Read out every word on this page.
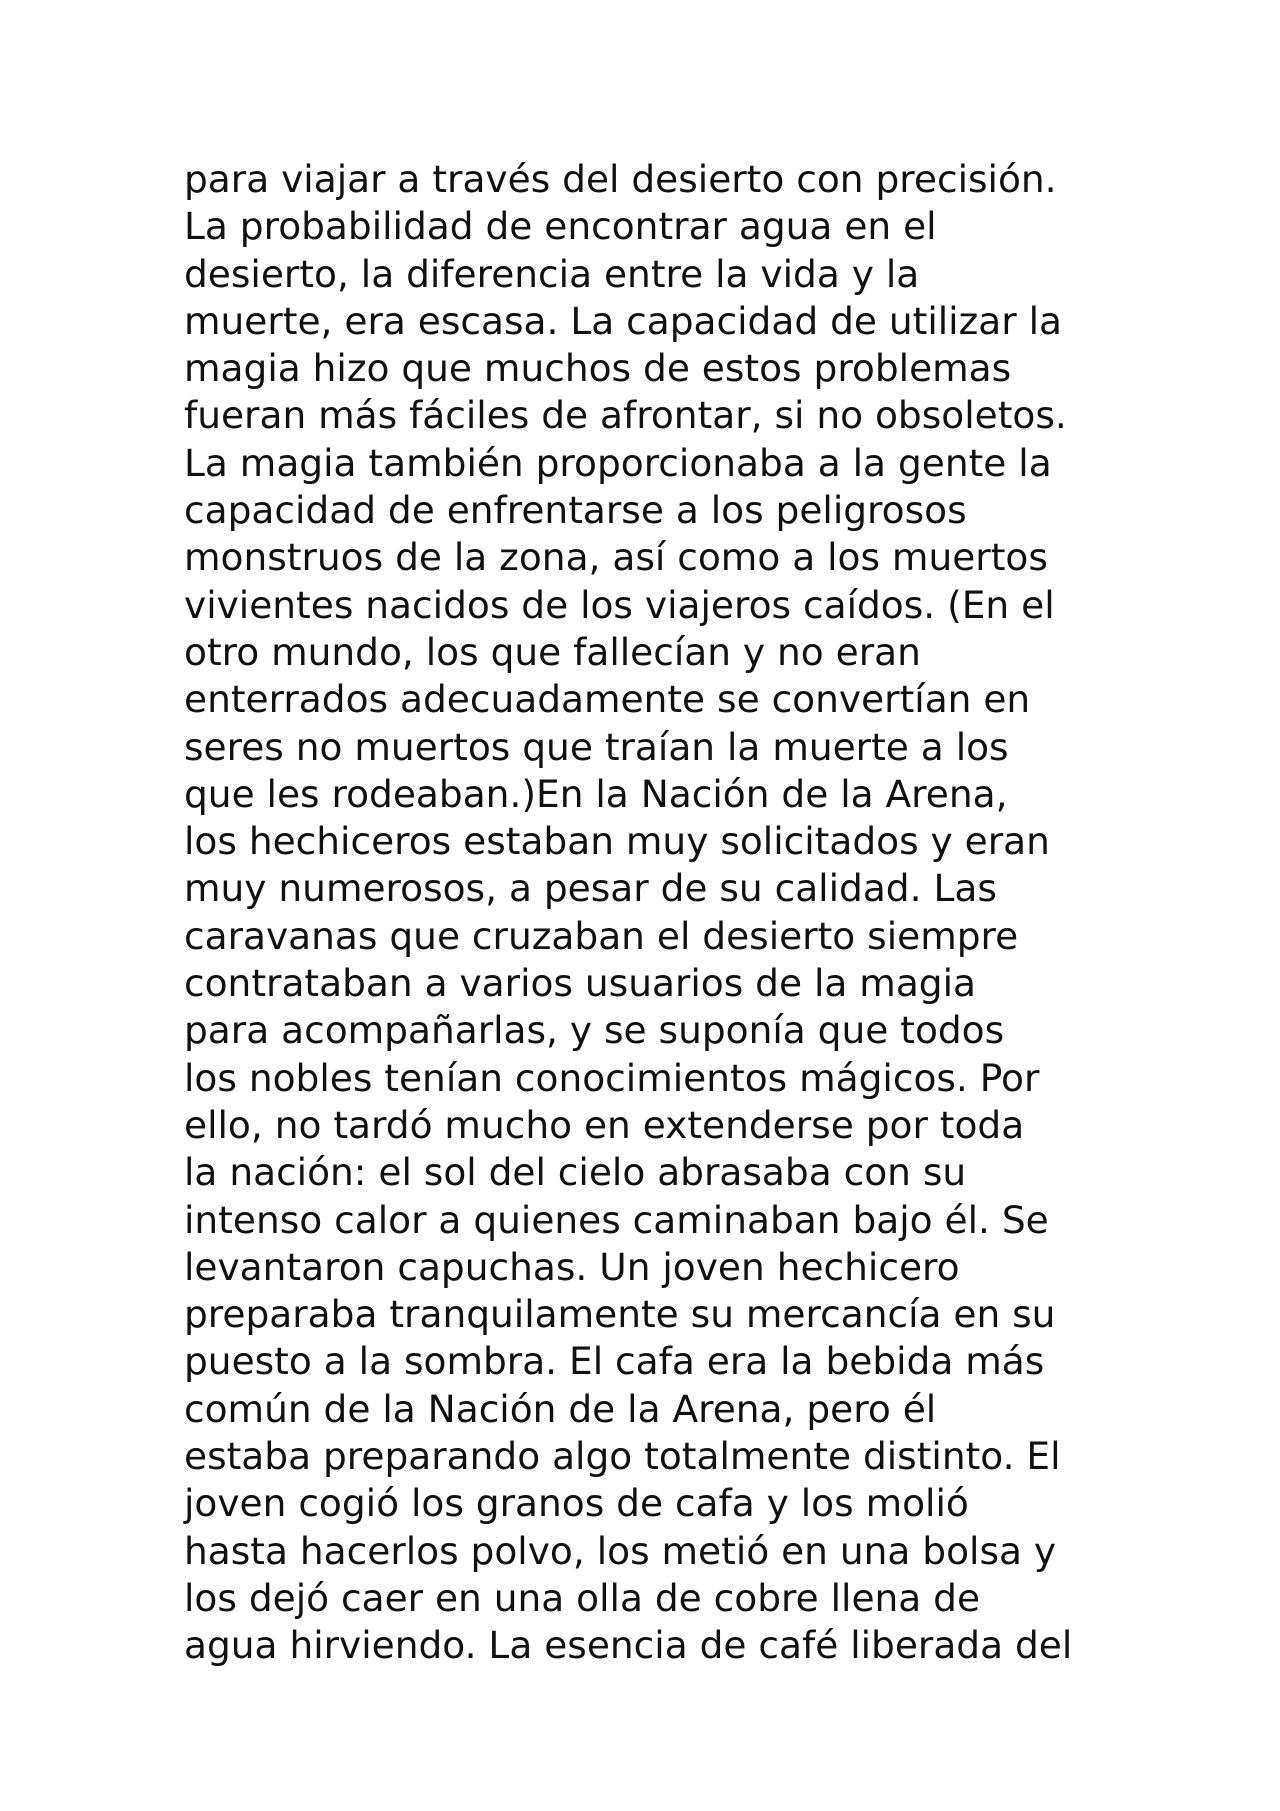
para viajar a través del desierto con precisión.
La probabilidad de encontrar agua en el
desierto, la diferencia entre la vida y la
muerte, era escasa. La capacidad de utilizar la
magia hizo que muchos de estos problemas
fueran más fáciles de afrontar, si no obsoletos.
La magia también proporcionaba a la gente la
capacidad de enfrentarse a los peligrosos
monstruos de la zona, así como a los muertos
vivientes nacidos de los viajeros caídos. (En el
otro mundo, los que fallecían y no eran
enterrados adecuadamente se convertían en
seres no muertos que traían la muerte a los
que les rodeaban.)En la Nación de la Arena,
los hechiceros estaban muy solicitados y eran
muy numerosos, a pesar de su calidad. Las
caravanas que cruzaban el desierto siempre
contrataban a varios usuarios de la magia
para acompañarlas, y se suponía que todos
los nobles tenían conocimientos mágicos. Por
ello, no tardó mucho en extenderse por toda
la nación: el sol del cielo abrasaba con su
intenso calor a quienes caminaban bajo él. Se
levantaron capuchas. Un joven hechicero
preparaba tranquilamente su mercancía en su
puesto a la sombra. El cafa era la bebida más
común de la Nación de la Arena, pero él
estaba preparando algo totalmente distinto. El
joven cogió los granos de cafa y los molió
hasta hacerlos polvo, los metió en una bolsa y
los dejó caer en una olla de cobre llena de
agua hirviendo. La esencia de café liberada del
